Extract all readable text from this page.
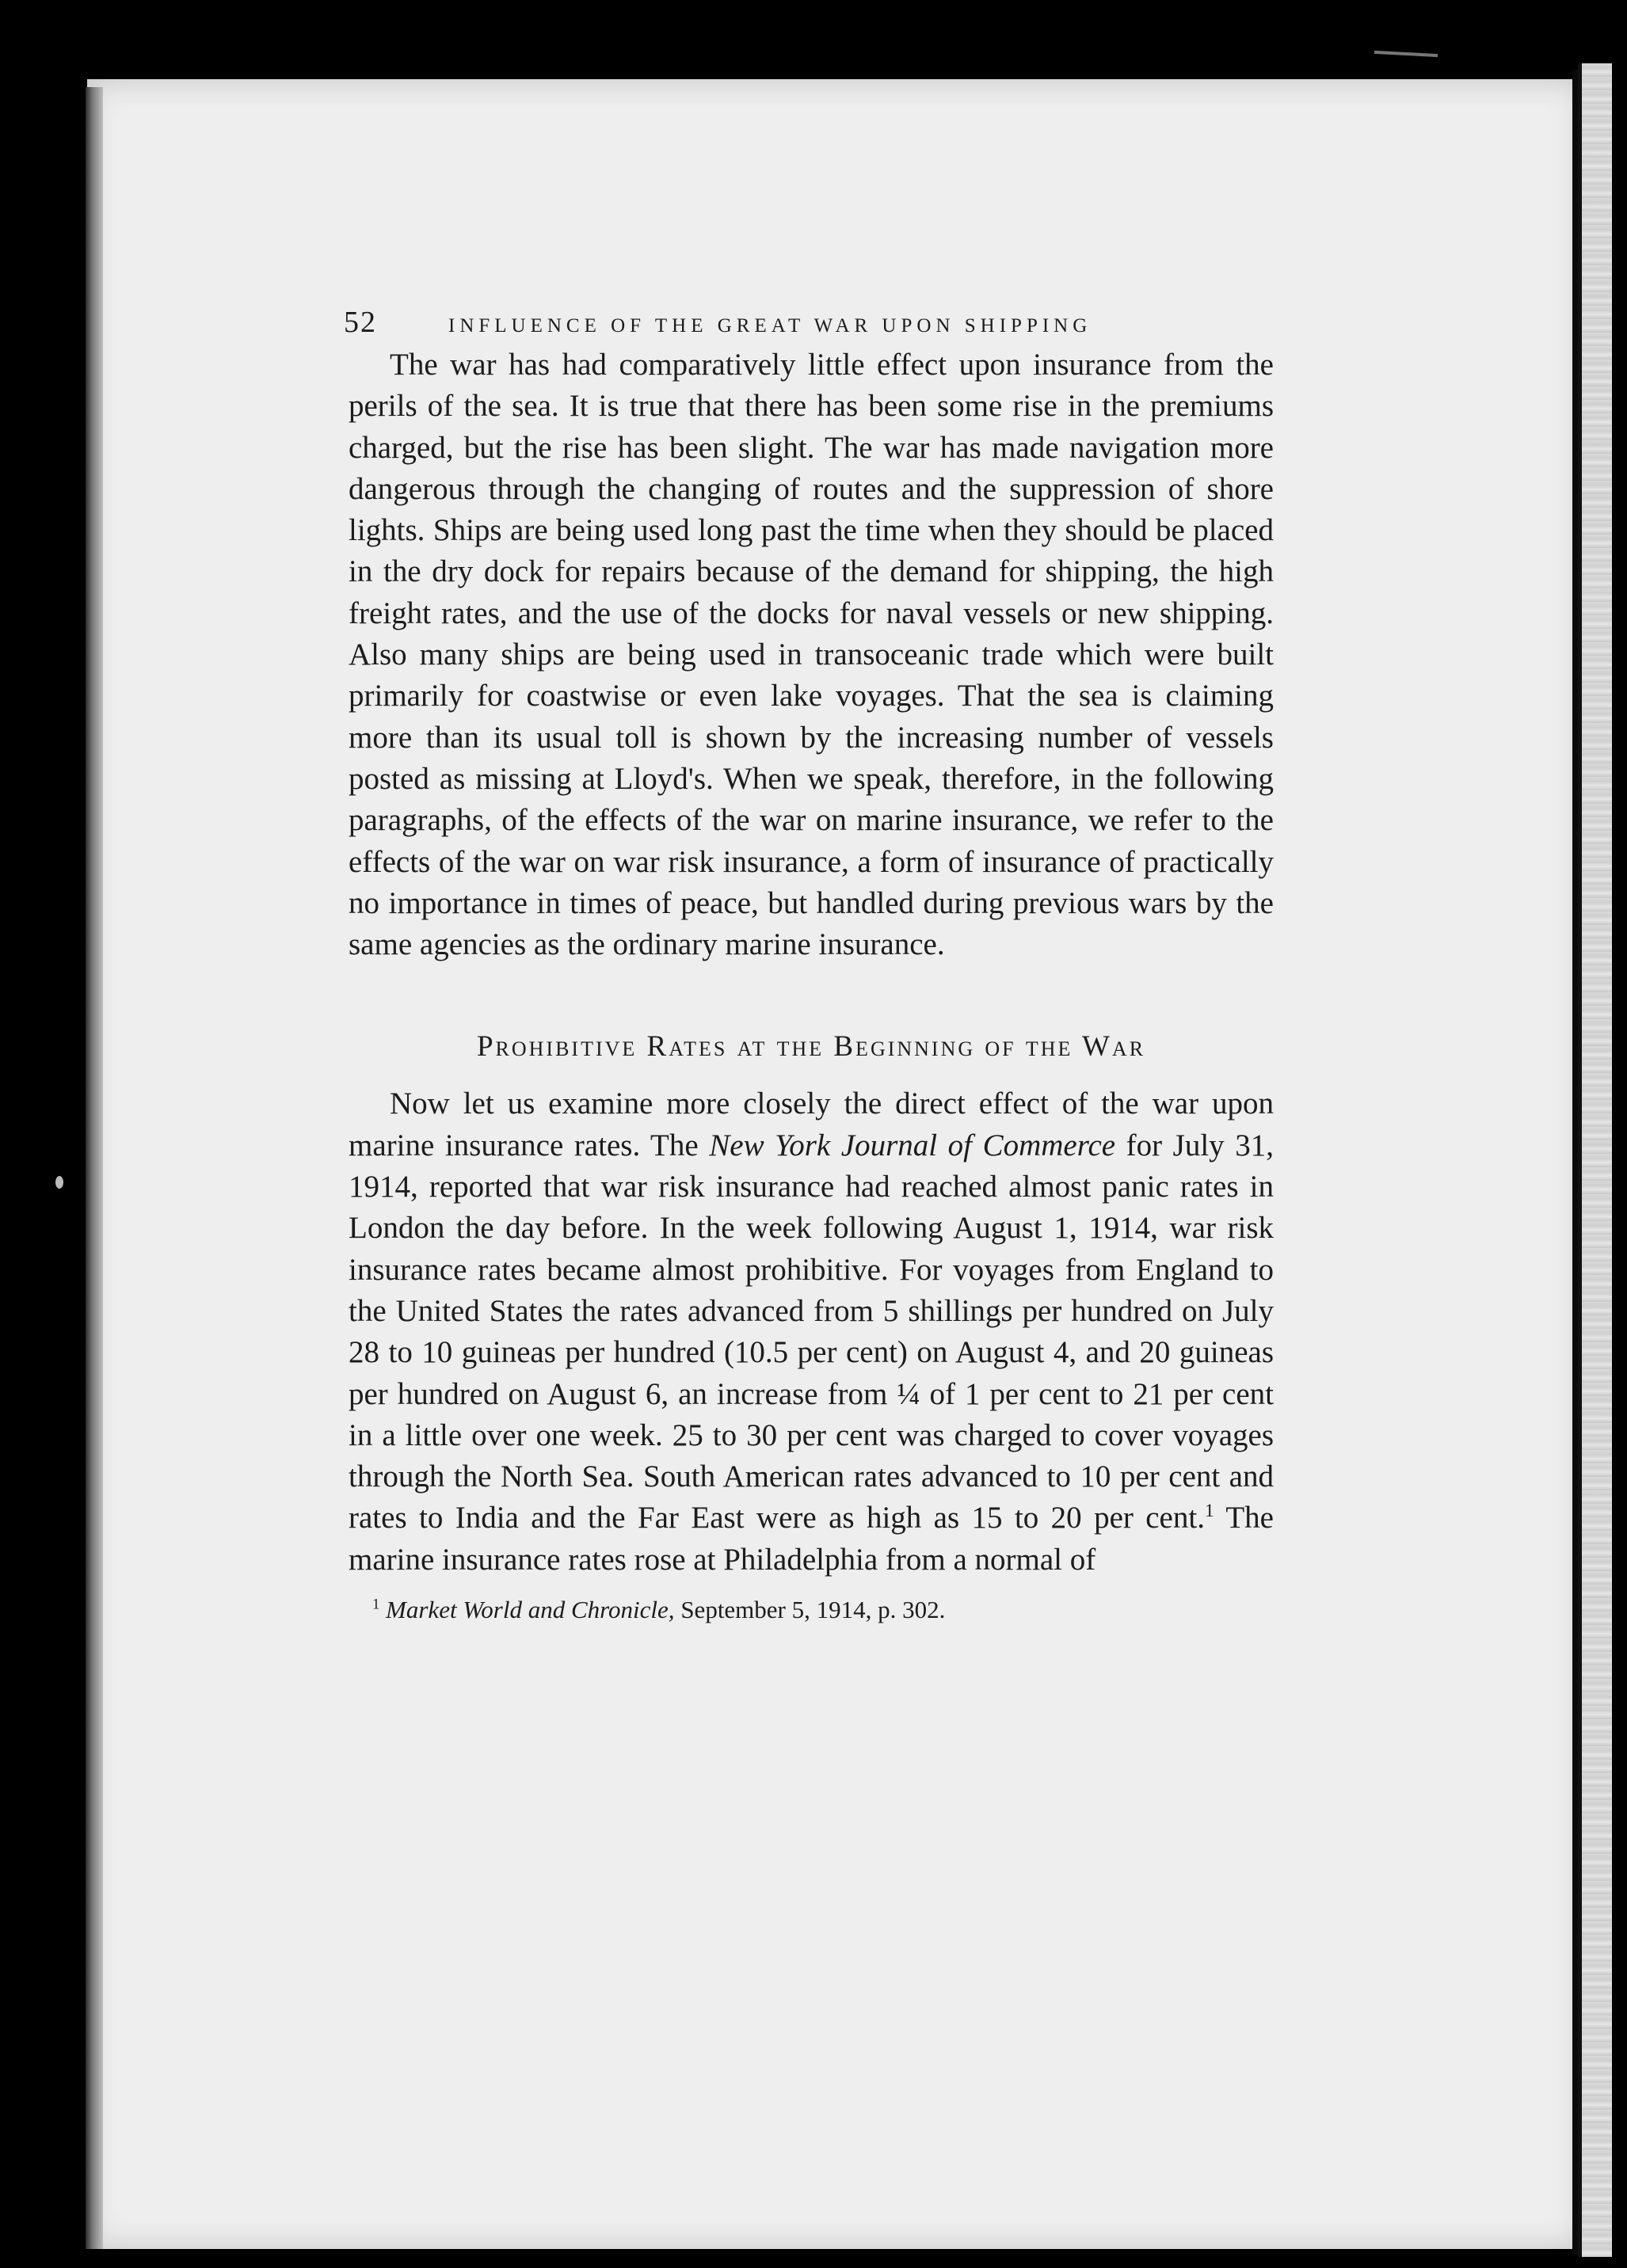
52	INFLUENCE OF THE GREAT WAR UPON SHIPPING

The war has had comparatively little effect upon insurance from the perils of the sea. It is true that there has been some rise in the premiums charged, but the rise has been slight. The war has made navigation more dangerous through the changing of routes and the suppression of shore lights. Ships are being used long past the time when they should be placed in the dry dock for repairs because of the demand for shipping, the high freight rates, and the use of the docks for naval vessels or new shipping. Also many ships are being used in transoceanic trade which were built primarily for coastwise or even lake voyages. That the sea is claiming more than its usual toll is shown by the increasing number of vessels posted as missing at Lloyd's. When we speak, therefore, in the following paragraphs, of the effects of the war on marine insurance, we refer to the effects of the war on war risk insurance, a form of insurance of practically no importance in times of peace, but handled during previous wars by the same agencies as the ordinary marine insurance.

Prohibitive Rates at the Beginning of the War

Now let us examine more closely the direct effect of the war upon marine insurance rates. The New York Journal of Commerce for July 31, 1914, reported that war risk insurance had reached almost panic rates in London the day before. In the week following August 1, 1914, war risk insurance rates became almost prohibitive. For voyages from England to the United States the rates advanced from 5 shillings per hundred on July 28 to 10 guineas per hundred (10.5 per cent) on August 4, and 20 guineas per hundred on August 6, an increase from ¼ of 1 per cent to 21 per cent in a little over one week. 25 to 30 per cent was charged to cover voyages through the North Sea. South American rates advanced to 10 per cent and rates to India and the Far East were as high as 15 to 20 per cent.$^1$ The marine insurance rates rose at Philadelphia from a normal of

$^1$ Market World and Chronicle, September 5, 1914, p. 302.
